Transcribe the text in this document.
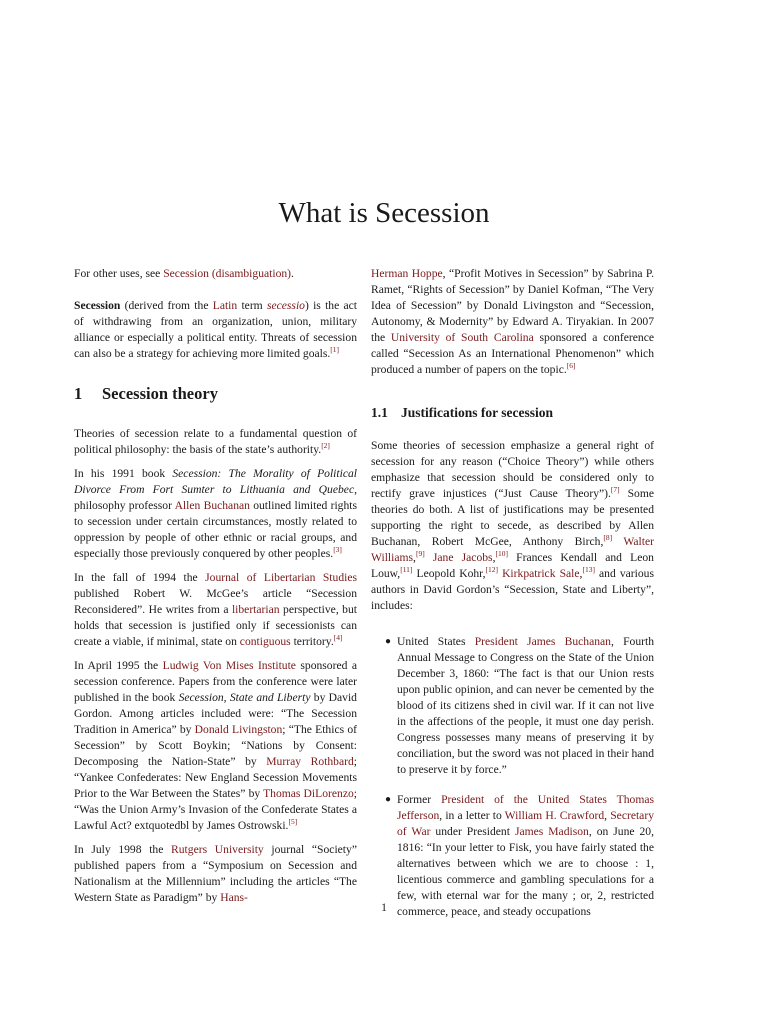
What is Secession

For other uses, see Secession (disambiguation).

Secession (derived from the Latin term secessio) is the act of withdrawing from an organization, union, military alliance or especially a political entity. Threats of secession can also be a strategy for achieving more limited goals.[1]

1 Secession theory

Theories of secession relate to a fundamental question of political philosophy: the basis of the state’s authority.[2]

In his 1991 book Secession: The Morality of Political Divorce From Fort Sumter to Lithuania and Quebec, philosophy professor Allen Buchanan outlined limited rights to secession under certain circumstances, mostly related to oppression by people of other ethnic or racial groups, and especially those previously conquered by other peoples.[3]

In the fall of 1994 the Journal of Libertarian Studies published Robert W. McGee’s article “Secession Reconsidered”. He writes from a libertarian perspective, but holds that secession is justified only if secessionists can create a viable, if minimal, state on contiguous territory.[4]

In April 1995 the Ludwig Von Mises Institute sponsored a secession conference. Papers from the conference were later published in the book Secession, State and Liberty by David Gordon. Among articles included were: “The Secession Tradition in America” by Donald Livingston; “The Ethics of Secession” by Scott Boykin; “Nations by Consent: Decomposing the Nation-State” by Murray Rothbard; “Yankee Confederates: New England Secession Movements Prior to the War Between the States” by Thomas DiLorenzo; “Was the Union Army’s Invasion of the Confederate States a Lawful Act? extquotedbl by James Ostrowski.[5]

In July 1998 the Rutgers University journal “Society” published papers from a “Symposium on Secession and Nationalism at the Millennium” including the articles “The Western State as Paradigm” by Hans-

Herman Hoppe, “Profit Motives in Secession” by Sabrina P. Ramet, “Rights of Secession” by Daniel Kofman, “The Very Idea of Secession” by Donald Livingston and “Secession, Autonomy, & Modernity” by Edward A. Tiryakian. In 2007 the University of South Carolina sponsored a conference called “Secession As an International Phenomenon” which produced a number of papers on the topic.[6]

1.1 Justifications for secession

Some theories of secession emphasize a general right of secession for any reason (“Choice Theory”) while others emphasize that secession should be considered only to rectify grave injustices (“Just Cause Theory”).[7] Some theories do both. A list of justifications may be presented supporting the right to secede, as described by Allen Buchanan, Robert McGee, Anthony Birch,[8] Walter Williams,[9] Jane Jacobs,[10] Frances Kendall and Leon Louw,[11] Leopold Kohr,[12] Kirkpatrick Sale,[13] and various authors in David Gordon’s “Secession, State and Liberty”, includes:

● United States President James Buchanan, Fourth Annual Message to Congress on the State of the Union December 3, 1860: “The fact is that our Union rests upon public opinion, and can never be cemented by the blood of its citizens shed in civil war. If it can not live in the affections of the people, it must one day perish. Congress possesses many means of preserving it by conciliation, but the sword was not placed in their hand to preserve it by force.”
● Former President of the United States Thomas Jefferson, in a letter to William H. Crawford, Secretary of War under President James Madison, on June 20, 1816: “In your letter to Fisk, you have fairly stated the alternatives between which we are to choose : 1, licentious commerce and gambling speculations for a few, with eternal war for the many ; or, 2, restricted commerce, peace, and steady occupations
1
